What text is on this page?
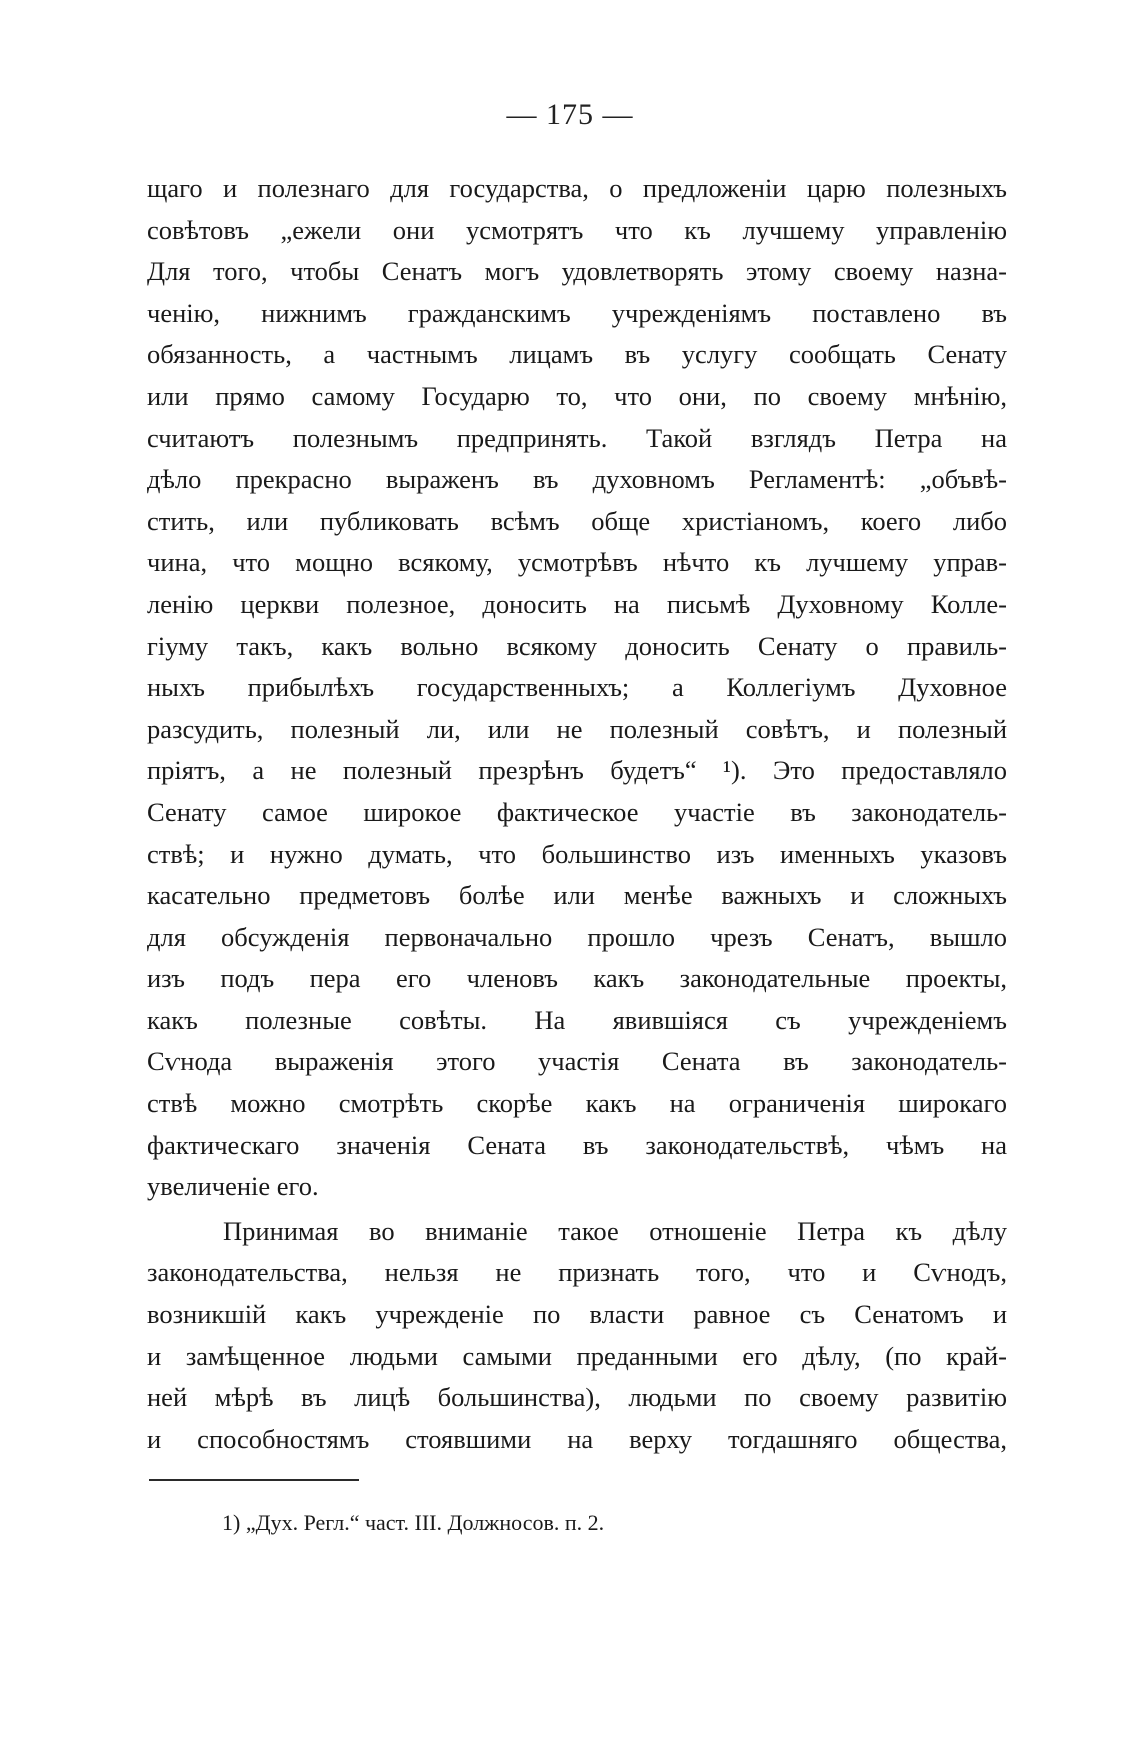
— 175 —
щаго и полезнаго для государства, о предложеніи царю полезныхъ
совѣтовъ „ежели они усмотрятъ что къ лучшему управленію
Для того, чтобы Сенатъ могъ удовлетворять этому своему назна-
ченію, нижнимъ гражданскимъ учрежденіямъ поставлено въ
обязанность, а частнымъ лицамъ въ услугу сообщать Сенату
или прямо самому Государю то, что они, по своему мнѣнію,
считаютъ полезнымъ предпринять. Такой взглядъ Петра на
дѣло прекрасно выраженъ въ духовномъ Регламентѣ: „объвѣ-
стить, или публиковать всѣмъ обще христіаномъ, коего либо
чина, что мощно всякому, усмотрѣвъ нѣчто къ лучшему управ-
ленію церкви полезное, доносить на письмѣ Духовному Колле-
гіуму такъ, какъ вольно всякому доносить Сенату о правиль-
ныхъ прибылѣхъ государственныхъ; а Коллегіумъ Духовное
разсудить, полезный ли, или не полезный совѣтъ, и полезный
пріятъ, а не полезный презрѣнъ будетъ“ ¹). Это предоставляло
Сенату самое широкое фактическое участіе въ законодатель-
ствѣ; и нужно думать, что большинство изъ именныхъ указовъ
касательно предметовъ болѣе или менѣе важныхъ и сложныхъ
для обсужденія первоначально прошло чрезъ Сенатъ, вышло
изъ подъ пера его членовъ какъ законодательные проекты,
какъ полезные совѣты. На явившіяся съ учрежденіемъ
Сѵнода выраженія этого участія Сената въ законодатель-
ствѣ можно смотрѣть скорѣе какъ на ограниченія широкаго
фактическаго значенія Сената въ законодательствѣ, чѣмъ на
увеличеніе его.
Принимая во вниманіе такое отношеніе Петра къ дѣлу
законодательства, нельзя не признать того, что и Сѵнодъ,
возникшій какъ учрежденіе по власти равное съ Сенатомъ и
и замѣщенное людьми самыми преданными его дѣлу, (по край-
ней мѣрѣ въ лицѣ большинства), людьми по своему развитію
и способностямъ стоявшими на верху тогдашняго общества,
1) „Дух. Регл.“ част. III. Должносов. п. 2.
